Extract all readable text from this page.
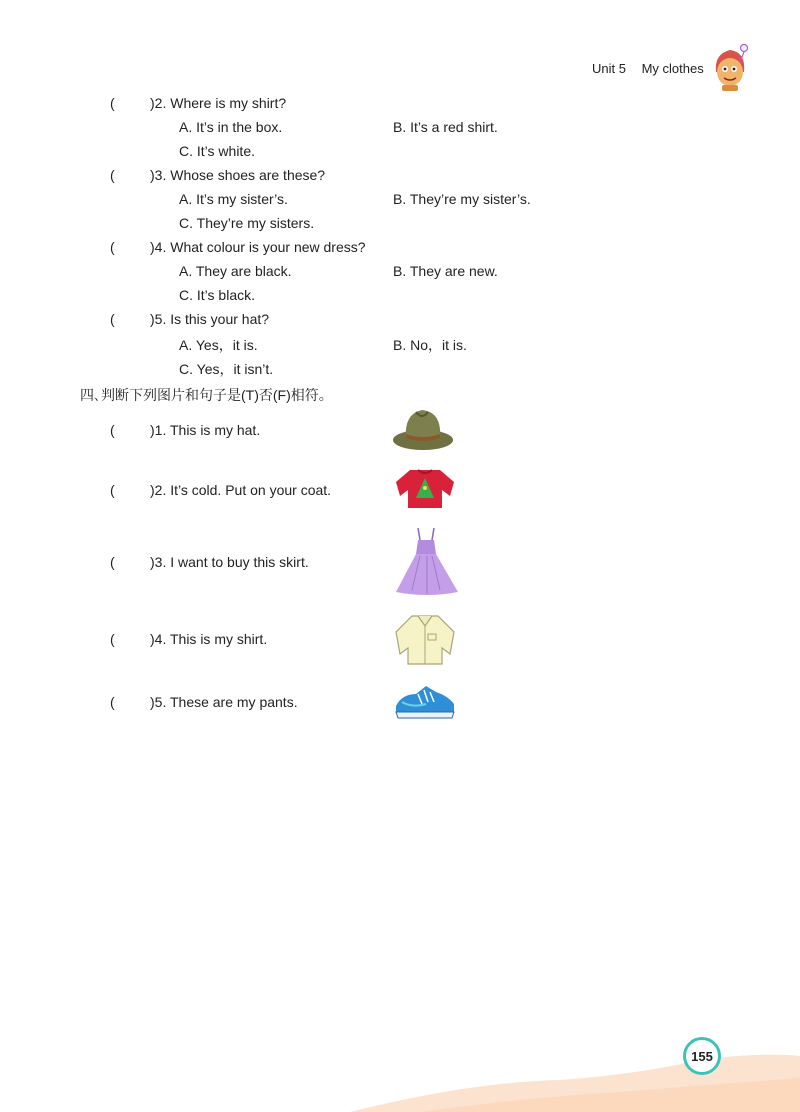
Unit 5 My clothes
(	)2. Where is my shirt?
A. It’s in the box.	B. It’s a red shirt.
C. It’s white.
(	)3. Whose shoes are these?
A. It’s my sister’s.	B. They’re my sister’s.
C. They’re my sisters.
(	)4. What colour is your new dress?
A. They are black.	B. They are new.
C. It’s black.
(	)5. Is this your hat?
A. Yes，it is.	B. No，it is.
C. Yes，it isn’t.
四､判断下列图片和句子是(T)否(F)相符。
(	)1. This is my hat.
(	)2. It’s cold. Put on your coat.
(	)3. I want to buy this skirt.
(	)4. This is my shirt.
(	)5. These are my pants.
155
